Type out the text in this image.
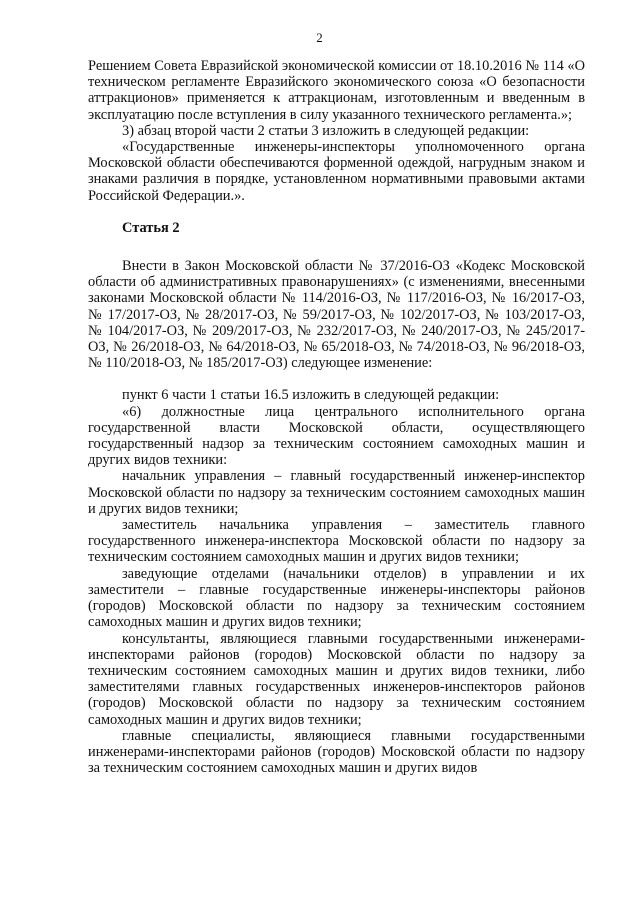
2

Решением Совета Евразийской экономической комиссии от 18.10.2016 № 114 «О техническом регламенте Евразийского экономического союза «О безопасности аттракционов» применяется к аттракционам, изготовленным и введенным в эксплуатацию после вступления в силу указанного технического регламента.»;

3) абзац второй части 2 статьи 3 изложить в следующей редакции:

«Государственные инженеры-инспекторы уполномоченного органа Московской области обеспечиваются форменной одеждой, нагрудным знаком и знаками различия в порядке, установленном нормативными правовыми актами Российской Федерации.».

Статья 2

Внести в Закон Московской области № 37/2016-ОЗ «Кодекс Московской области об административных правонарушениях» (с изменениями, внесенными законами Московской области № 114/2016-ОЗ, № 117/2016-ОЗ, № 16/2017-ОЗ, № 17/2017-ОЗ, № 28/2017-ОЗ, № 59/2017-ОЗ, № 102/2017-ОЗ, № 103/2017-ОЗ, № 104/2017-ОЗ, № 209/2017-ОЗ, № 232/2017-ОЗ, № 240/2017-ОЗ, № 245/2017-ОЗ, № 26/2018-ОЗ, № 64/2018-ОЗ, № 65/2018-ОЗ, № 74/2018-ОЗ, № 96/2018-ОЗ, № 110/2018-ОЗ, № 185/2017-ОЗ) следующее изменение:

пункт 6 части 1 статьи 16.5 изложить в следующей редакции:

«6) должностные лица центрального исполнительного органа государственной власти Московской области, осуществляющего государственный надзор за техническим состоянием самоходных машин и других видов техники:

начальник управления – главный государственный инженер-инспектор Московской области по надзору за техническим состоянием самоходных машин и других видов техники;

заместитель начальника управления – заместитель главного государственного инженера-инспектора Московской области по надзору за техническим состоянием самоходных машин и других видов техники;

заведующие отделами (начальники отделов) в управлении и их заместители – главные государственные инженеры-инспекторы районов (городов) Московской области по надзору за техническим состоянием самоходных машин и других видов техники;

консультанты, являющиеся главными государственными инженерами-инспекторами районов (городов) Московской области по надзору за техническим состоянием самоходных машин и других видов техники, либо заместителями главных государственных инженеров-инспекторов районов (городов) Московской области по надзору за техническим состоянием самоходных машин и других видов техники;

главные специалисты, являющиеся главными государственными инженерами-инспекторами районов (городов) Московской области по надзору за техническим состоянием самоходных машин и других видов
